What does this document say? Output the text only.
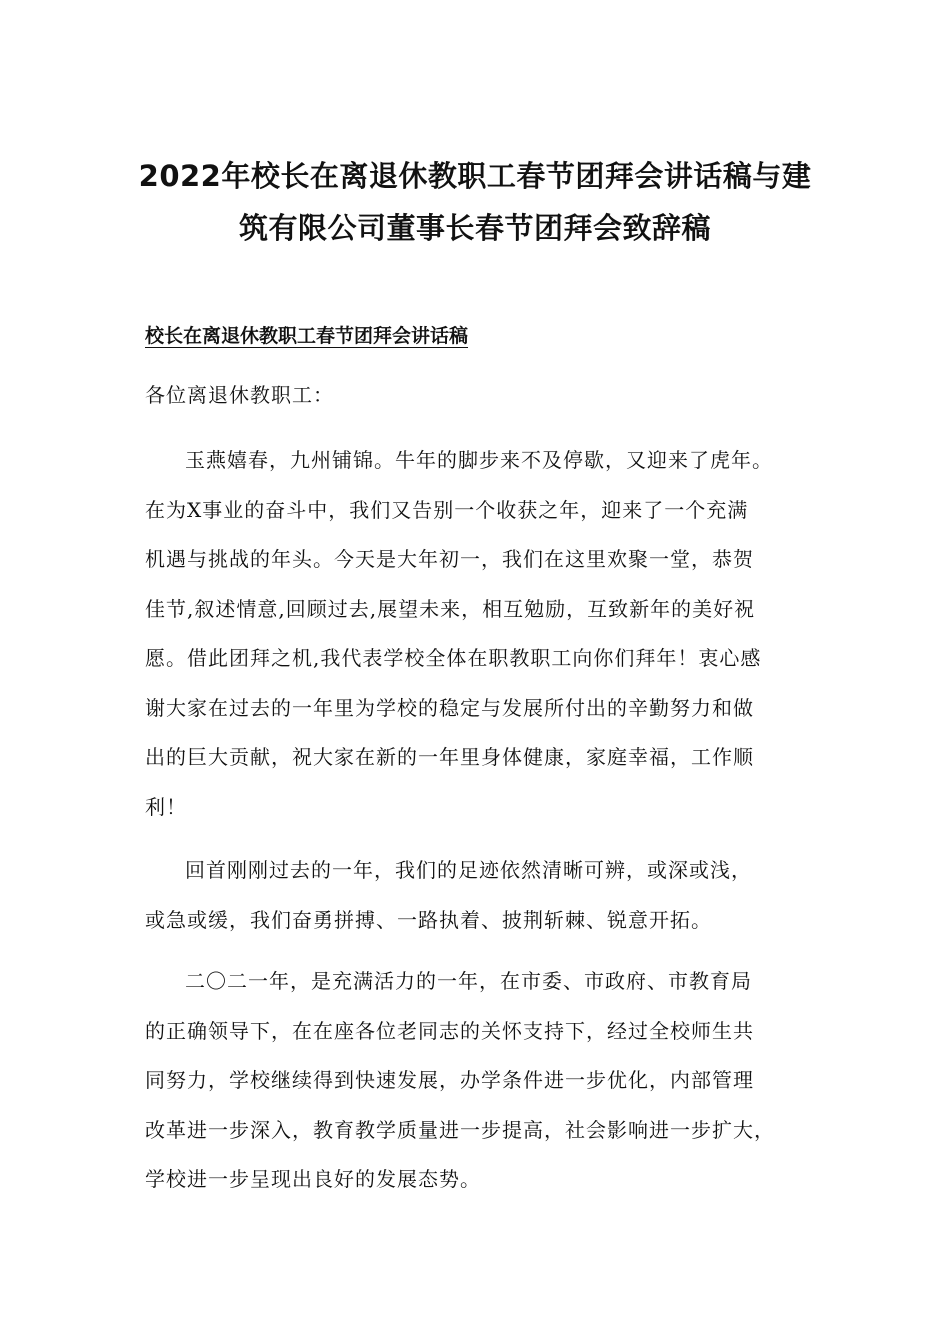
2022年校长在离退休教职工春节团拜会讲话稿与建
筑有限公司董事长春节团拜会致辞稿
校长在离退休教职工春节团拜会讲话稿
各位离退休教职工：
玉燕嬉春，九州铺锦。牛年的脚步来不及停歇，又迎来了虎年。
在为X事业的奋斗中，我们又告别一个收获之年，迎来了一个充满
机遇与挑战的年头。今天是大年初一，我们在这里欢聚一堂，恭贺
佳节,叙述情意,回顾过去,展望未来，相互勉励，互致新年的美好祝
愿。借此团拜之机,我代表学校全体在职教职工向你们拜年！衷心感
谢大家在过去的一年里为学校的稳定与发展所付出的辛勤努力和做
出的巨大贡献，祝大家在新的一年里身体健康，家庭幸福，工作顺
利！
回首刚刚过去的一年，我们的足迹依然清晰可辨，或深或浅，
或急或缓，我们奋勇拼搏、一路执着、披荆斩棘、锐意开拓。
二〇二一年，是充满活力的一年，在市委、市政府、市教育局
的正确领导下，在在座各位老同志的关怀支持下，经过全校师生共
同努力，学校继续得到快速发展，办学条件进一步优化，内部管理
改革进一步深入，教育教学质量进一步提高，社会影响进一步扩大，
学校进一步呈现出良好的发展态势。
